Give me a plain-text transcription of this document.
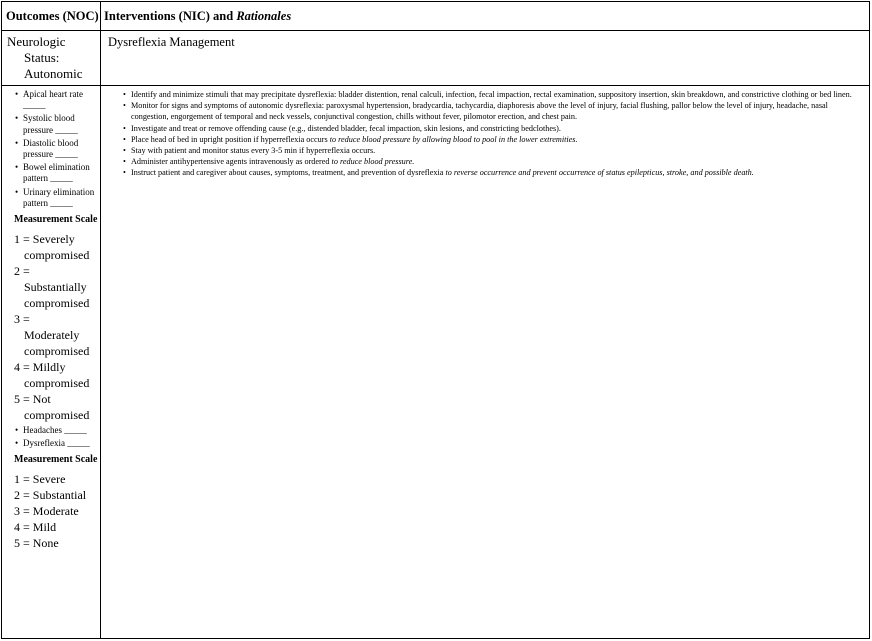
Outcomes (NOC) Interventions (NIC) and Rationales
Neurologic
Status:
Autonomic
Dysreflexia Management
• Apical heart rate _____
• Systolic blood pressure _____
• Diastolic blood pressure _____
• Bowel elimination pattern _____
• Urinary elimination pattern _____
Measurement Scale
1 = Severely
compromised
2 =
Substantially compromised
3 =
Moderately compromised
4 = Mildly
compromised
5 = Not
compromised
• Headaches _____
• Dysreflexia _____
Measurement Scale
1 = Severe
2 = Substantial
3 = Moderate
4 = Mild
5 = None
• Identify and minimize stimuli that may precipitate dysreflexia: bladder distention, renal calculi, infection, fecal impaction, rectal examination, suppository insertion, skin breakdown, and constrictive clothing or bed linen.
• Monitor for signs and symptoms of autonomic dysreflexia: paroxysmal hypertension, bradycardia, tachycardia, diaphoresis above the level of injury, facial flushing, pallor below the level of injury, headache, nasal congestion, engorgement of temporal and neck vessels, conjunctival congestion, chills without fever, pilomotor erection, and chest pain.
• Investigate and treat or remove offending cause (e.g., distended bladder, fecal impaction, skin lesions, and constricting bedclothes).
• Place head of bed in upright position if hyperreflexia occurs to reduce blood pressure by allowing blood to pool in the lower extremities.
• Stay with patient and monitor status every 3-5 min if hyperreflexia occurs.
• Administer antihypertensive agents intravenously as ordered to reduce blood pressure.
• Instruct patient and caregiver about causes, symptoms, treatment, and prevention of dysreflexia to reverse occurrence and prevent occurrence of status epilepticus, stroke, and possible death.
